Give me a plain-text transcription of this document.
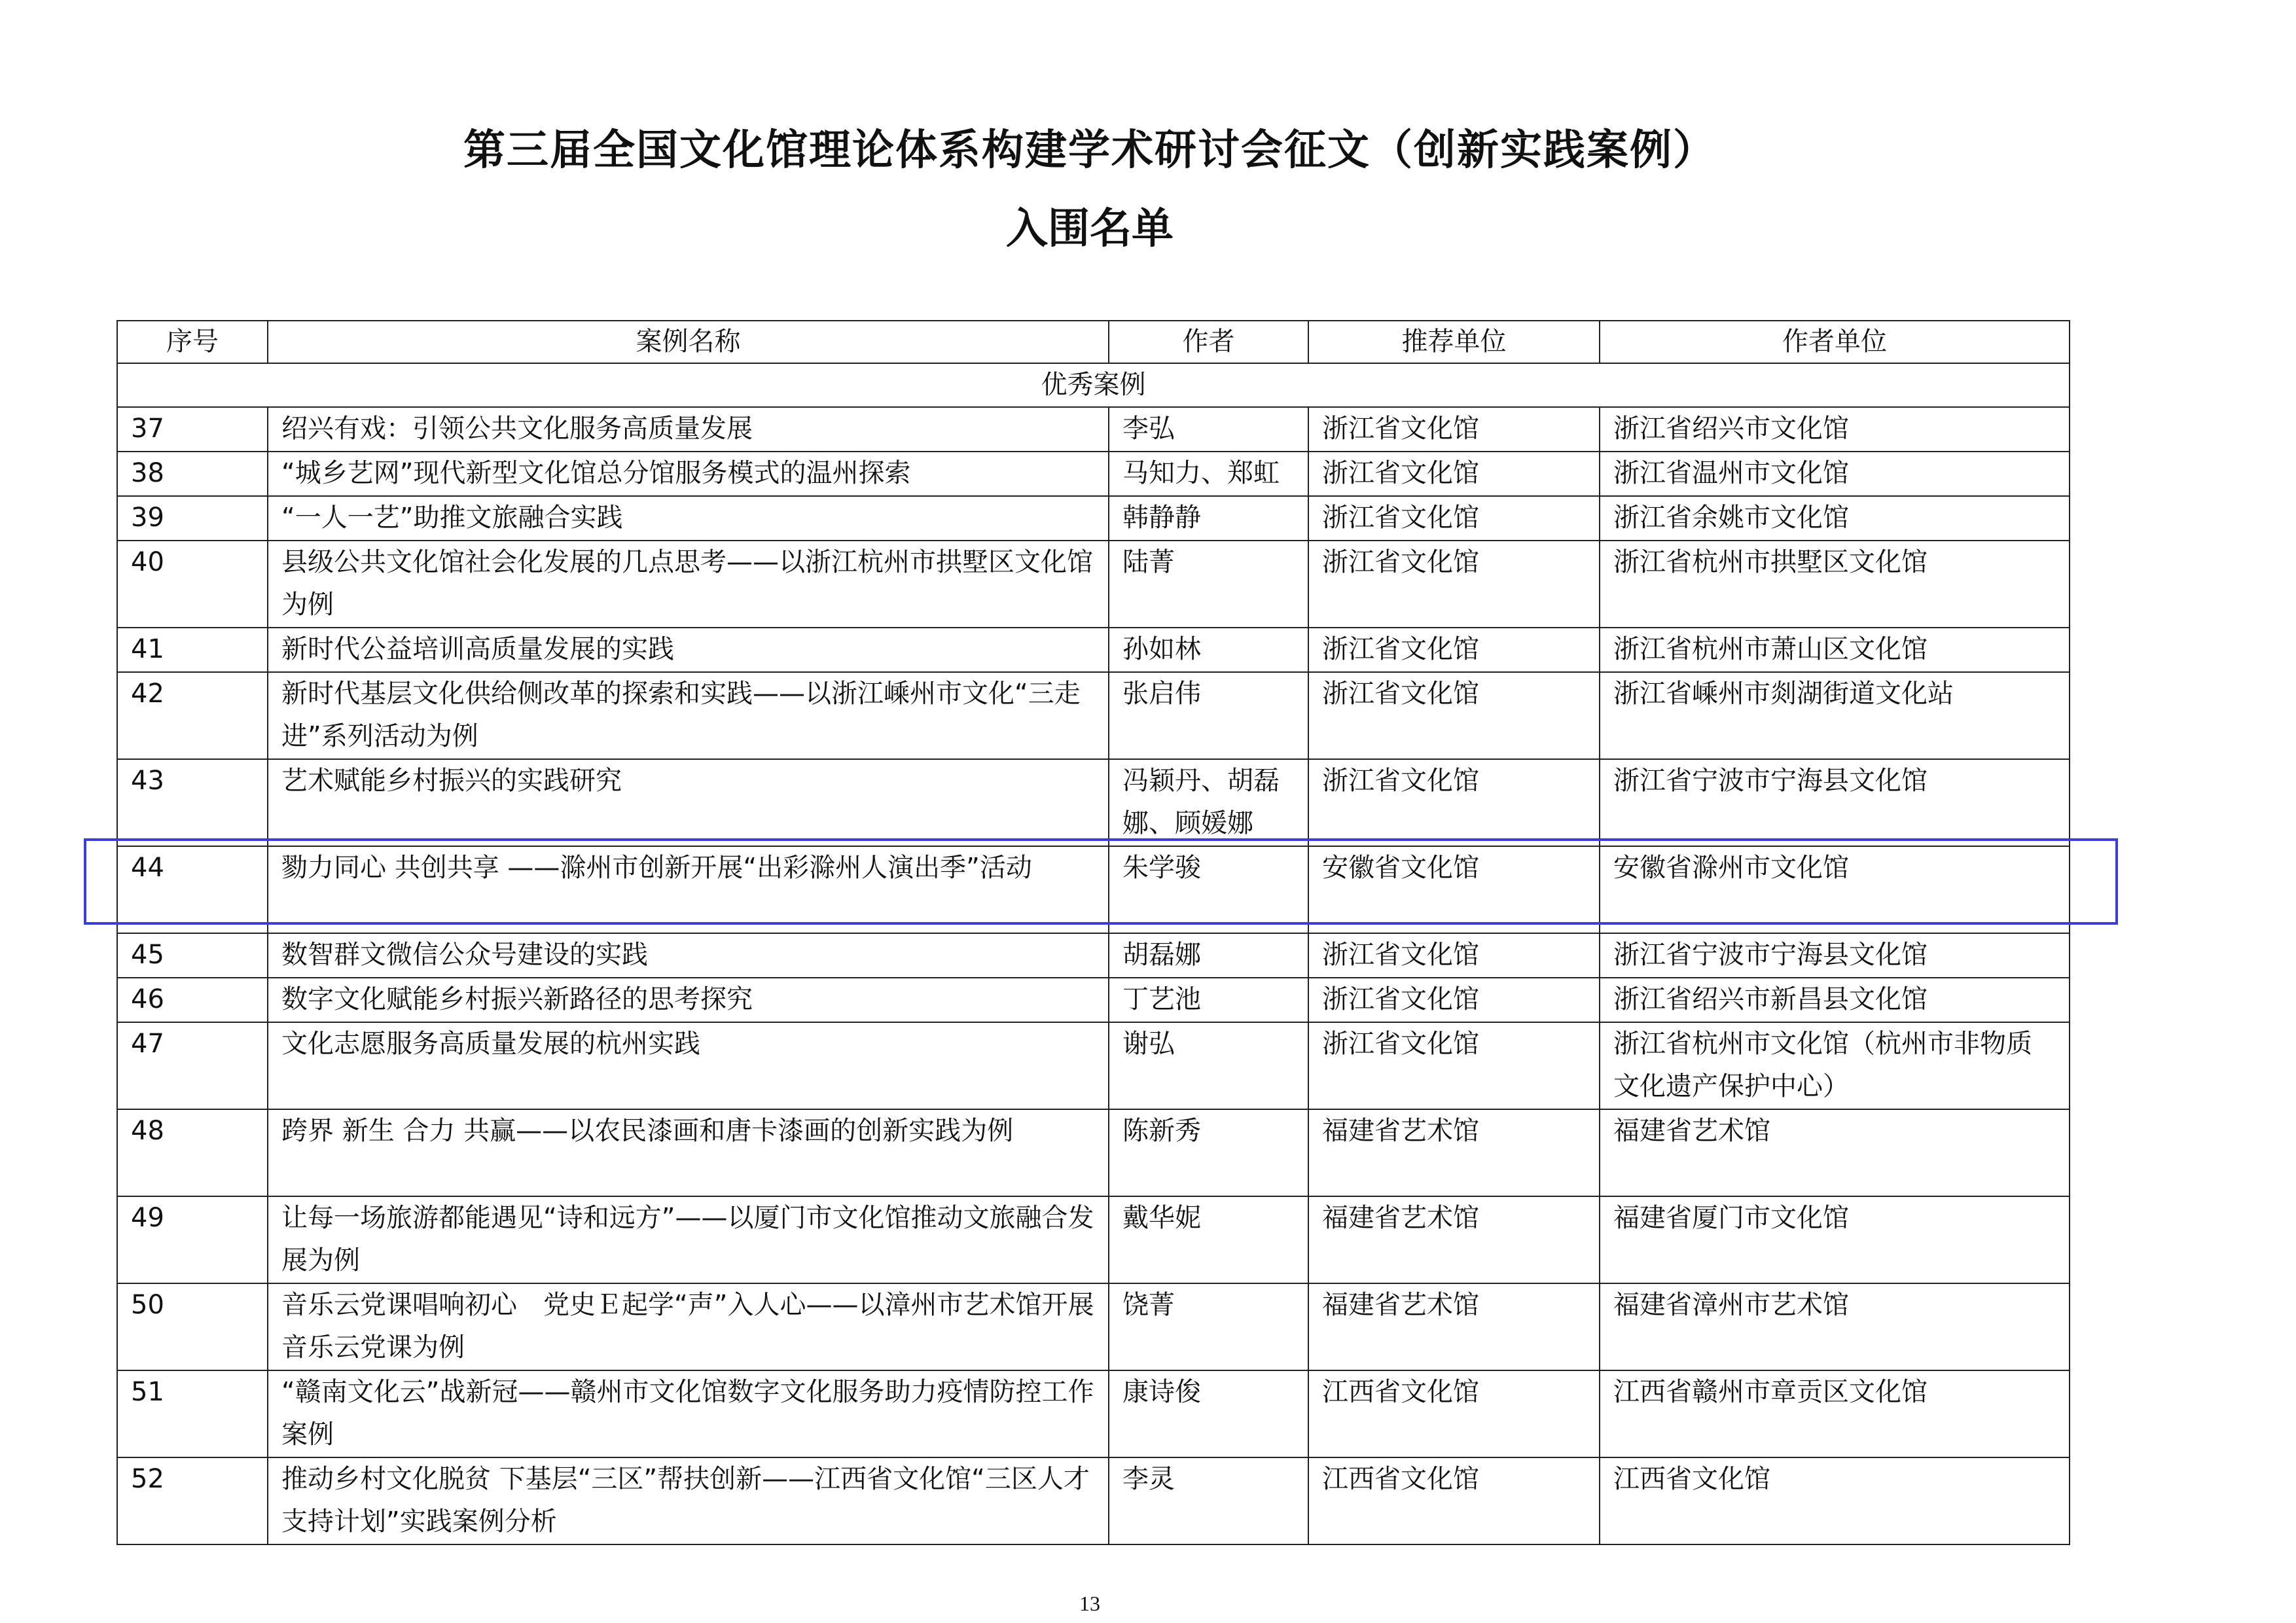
第三届全国文化馆理论体系构建学术研讨会征文（创新实践案例）
入围名单
序号	案例名称	作者	推荐单位	作者单位
优秀案例				
37	绍兴有戏：引领公共文化服务高质量发展	李弘	浙江省文化馆	浙江省绍兴市文化馆
38	“城乡艺网”现代新型文化馆总分馆服务模式的温州探索	马知力、郑虹	浙江省文化馆	浙江省温州市文化馆
39	“一人一艺”助推文旅融合实践	韩静静	浙江省文化馆	浙江省余姚市文化馆
40	县级公共文化馆社会化发展的几点思考——以浙江杭州市拱墅区文化馆为例	陆菁	浙江省文化馆	浙江省杭州市拱墅区文化馆
41	新时代公益培训高质量发展的实践	孙如林	浙江省文化馆	浙江省杭州市萧山区文化馆
42	新时代基层文化供给侧改革的探索和实践——以浙江嵊州市文化“三走进”系列活动为例	张启伟	浙江省文化馆	浙江省嵊州市剡湖街道文化站
43	艺术赋能乡村振兴的实践研究	冯颖丹、胡磊娜、顾媛娜	浙江省文化馆	浙江省宁波市宁海县文化馆
44	勠力同心 共创共享 ——滁州市创新开展“出彩滁州人演出季”活动	朱学骏	安徽省文化馆	安徽省滁州市文化馆
45	数智群文微信公众号建设的实践	胡磊娜	浙江省文化馆	浙江省宁波市宁海县文化馆
46	数字文化赋能乡村振兴新路径的思考探究	丁艺池	浙江省文化馆	浙江省绍兴市新昌县文化馆
47	文化志愿服务高质量发展的杭州实践	谢弘	浙江省文化馆	浙江省杭州市文化馆（杭州市非物质文化遗产保护中心）
48	跨界 新生 合力 共赢——以农民漆画和唐卡漆画的创新实践为例	陈新秀	福建省艺术馆	福建省艺术馆
49	让每一场旅游都能遇见“诗和远方”——以厦门市文化馆推动文旅融合发展为例	戴华妮	福建省艺术馆	福建省厦门市文化馆
50	音乐云党课唱响初心　党史Ｅ起学“声”入人心——以漳州市艺术馆开展音乐云党课为例	饶菁	福建省艺术馆	福建省漳州市艺术馆
51	“赣南文化云”战新冠——赣州市文化馆数字文化服务助力疫情防控工作案例	康诗俊	江西省文化馆	江西省赣州市章贡区文化馆
52	推动乡村文化脱贫 下基层“三区”帮扶创新——江西省文化馆“三区人才支持计划”实践案例分析	李灵	江西省文化馆	江西省文化馆
13
